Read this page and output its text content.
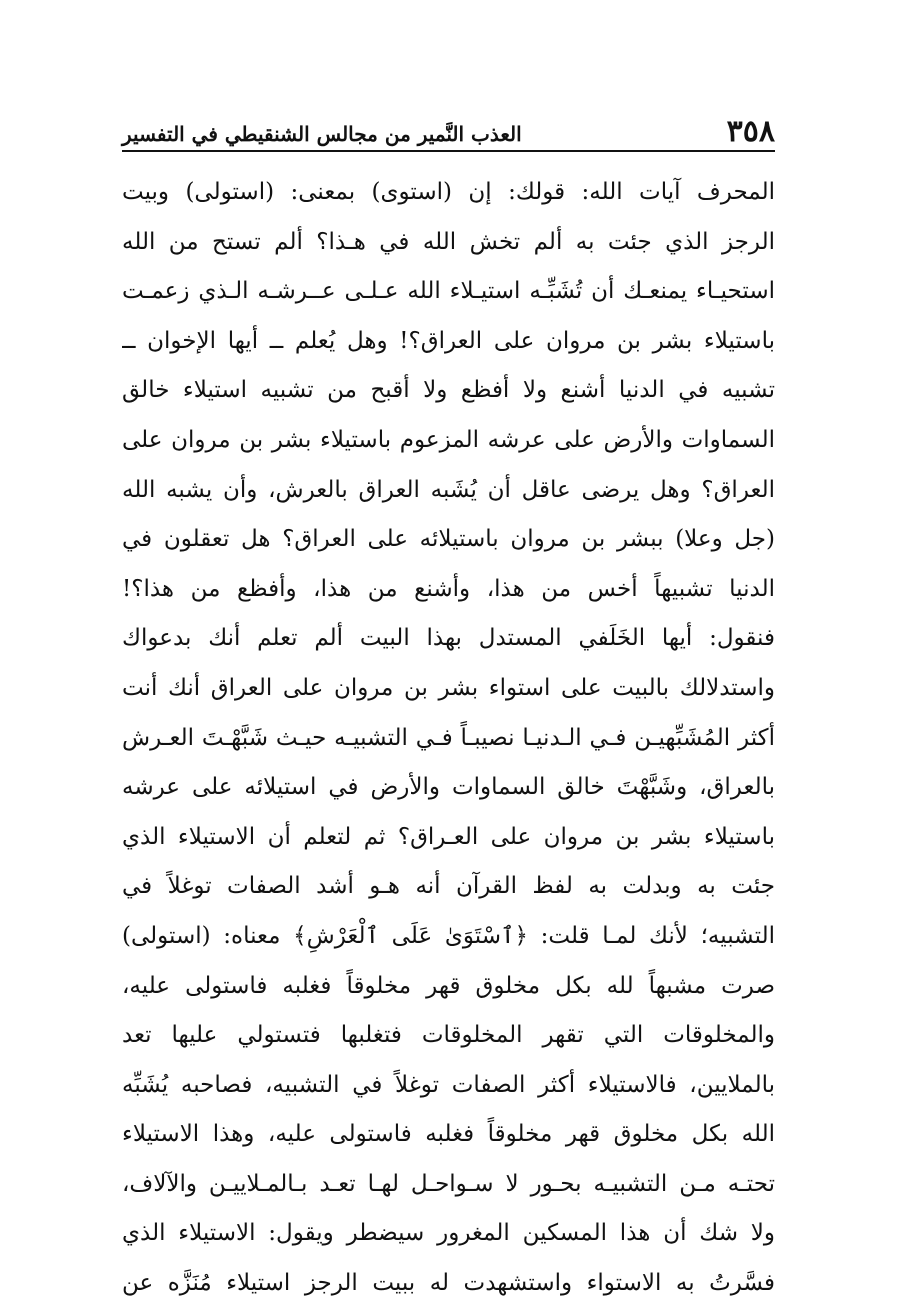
٣٥٨
العذب النَّمير من مجالس الشنقيطي في التفسير
المحرف آيات الله: قولك: إن (استوى) بمعنى: (استولى) وبيت
الرجز الذي جئت به ألم تخش الله في هـذا؟ ألم تستح من الله
استحيـاء يمنعـك أن تُشَبِّـه استيـلاء الله عـلـى عــرشـه الـذي زعمـت
باستيلاء بشر بن مروان على العراق؟! وهل يُعلم ــ أيها الإخوان ــ
تشبيه في الدنيا أشنع ولا أفظع ولا أقبح من تشبيه استيلاء خالق
السماوات والأرض على عرشه المزعوم باستيلاء بشر بن مروان على
العراق؟ وهل يرضى عاقل أن يُشَبه العراق بالعرش، وأن يشبه الله
(جل وعلا) ببشر بن مروان باستيلائه على العراق؟ هل تعقلون في
الدنيا تشبيهاً أخس من هذا، وأشنع من هذا، وأفظع من هذا؟!
فنقول: أيها الخَلَفي المستدل بهذا البيت ألم تعلم أنك بدعواك
واستدلالك بالبيت على استواء بشر بن مروان على العراق أنك أنت
أكثر المُشَبِّهيـن فـي الـدنيـا نصيبـاً فـي التشبيـه حيـث شَبَّهْـتَ العـرش
بالعراق، وشَبَّهْتَ خالق السماوات والأرض في استيلائه على عرشه
باستيلاء بشر بن مروان على العـراق؟ ثم لتعلم أن الاستيلاء الذي
جئت به وبدلت به لفظ القرآن أنه هـو أشد الصفات توغلاً في
التشبيه؛ لأنك لمـا قلت: ﴿ٱسْتَوَىٰ عَلَى ٱلْعَرْشِ﴾ معناه: (استولى)
صرت مشبهاً لله بكل مخلوق قهر مخلوقاً فغلبه فاستولى عليه،
والمخلوقات التي تقهر المخلوقات فتغلبها فتستولي عليها تعد
بالملايين، فالاستيلاء أكثر الصفات توغلاً في التشبيه، فصاحبه يُشَبِّه
الله بكل مخلوق قهر مخلوقاً فغلبه فاستولى عليه، وهذا الاستيلاء
تحتـه مـن التشبيـه بحـور لا سـواحـل لهـا تعـد بـالمـلاييـن والآلاف،
ولا شك أن هذا المسكين المغرور سيضطر ويقول: الاستيلاء الذي
فسَّرتُ به الاستواء واستشهدت له ببيت الرجز استيلاء مُنَزَّه عن
